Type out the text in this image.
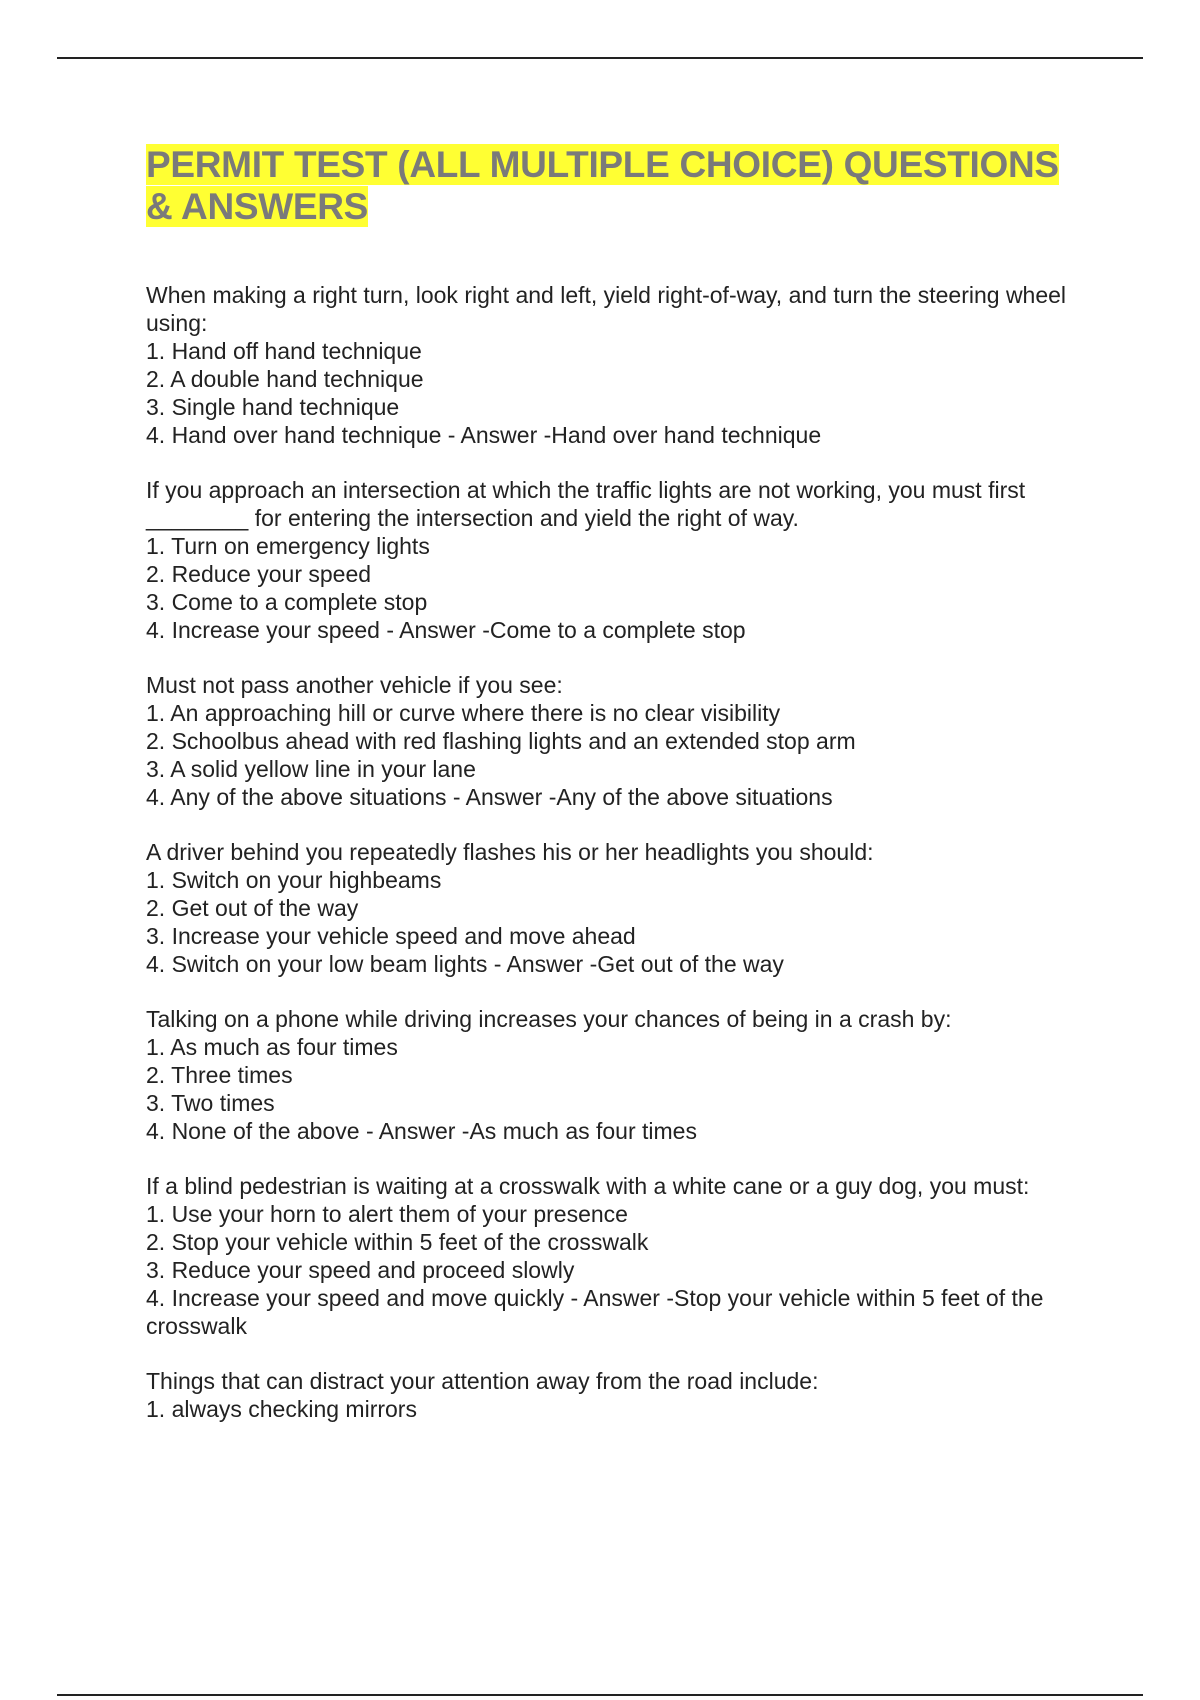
PERMIT TEST (ALL MULTIPLE CHOICE) QUESTIONS & ANSWERS

When making a right turn, look right and left, yield right-of-way, and turn the steering wheel using:

1. Hand off hand technique

2. A double hand technique

3. Single hand technique

4. Hand over hand technique - Answer -Hand over hand technique

If you approach an intersection at which the traffic lights are not working, you must first ________ for entering the intersection and yield the right of way.

1. Turn on emergency lights

2. Reduce your speed

3. Come to a complete stop

4. Increase your speed - Answer -Come to a complete stop

Must not pass another vehicle if you see:

1. An approaching hill or curve where there is no clear visibility

2. Schoolbus ahead with red flashing lights and an extended stop arm

3. A solid yellow line in your lane

4. Any of the above situations - Answer -Any of the above situations

A driver behind you repeatedly flashes his or her headlights you should:

1. Switch on your highbeams

2. Get out of the way

3. Increase your vehicle speed and move ahead

4. Switch on your low beam lights - Answer -Get out of the way

Talking on a phone while driving increases your chances of being in a crash by:

1. As much as four times

2. Three times

3. Two times

4. None of the above - Answer -As much as four times

If a blind pedestrian is waiting at a crosswalk with a white cane or a guy dog, you must:

1. Use your horn to alert them of your presence

2. Stop your vehicle within 5 feet of the crosswalk

3. Reduce your speed and proceed slowly

4. Increase your speed and move quickly - Answer -Stop your vehicle within 5 feet of the crosswalk

Things that can distract your attention away from the road include:

1. always checking mirrors
